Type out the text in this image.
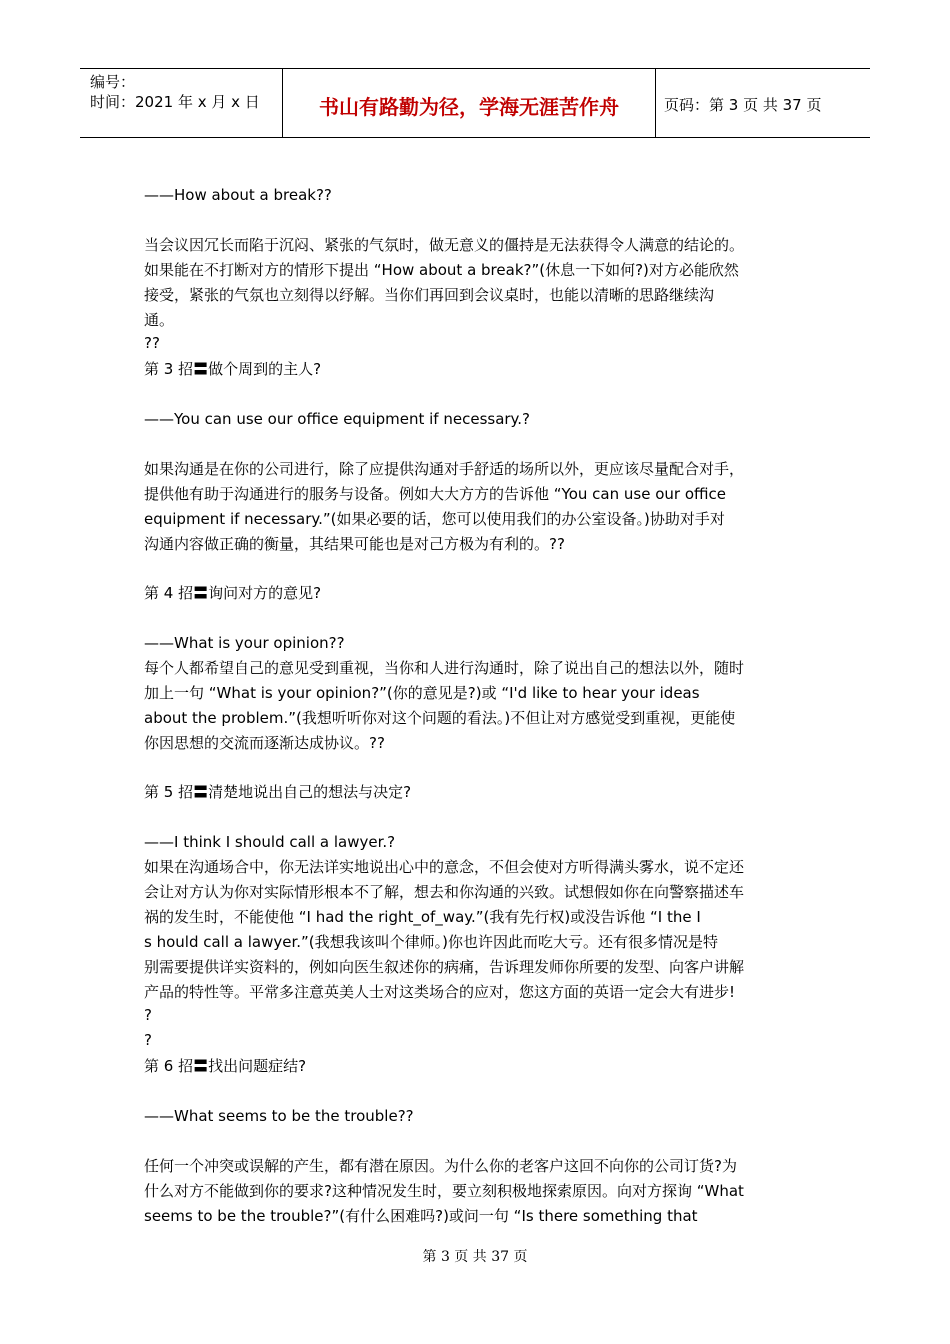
编号：
时间：2021 年 x 月 x 日	书山有路勤为径，学海无涯苦作舟	页码：第 3 页 共 37 页
——How about a break??
当会议因冗长而陷于沉闷、紧张的气氛时，做无意义的僵持是无法获得令人满意的结论的。
如果能在不打断对方的情形下提出 “How about a break?”(休息一下如何?)对方必能欣然
接受，紧张的气氛也立刻得以纾解。当你们再回到会议桌时，也能以清晰的思路继续沟
通。
??
第 3 招〓做个周到的主人?
——You can use our office equipment if necessary.?
如果沟通是在你的公司进行，除了应提供沟通对手舒适的场所以外，更应该尽量配合对手，
提供他有助于沟通进行的服务与设备。例如大大方方的告诉他 “You can use our office
equipment if necessary.”(如果必要的话，您可以使用我们的办公室设备。)协助对手对
沟通内容做正确的衡量，其结果可能也是对己方极为有利的。??
第 4 招〓询问对方的意见?
——What is your opinion??
每个人都希望自己的意见受到重视，当你和人进行沟通时，除了说出自己的想法以外，随时
加上一句 “What is your opinion?”(你的意见是?)或 “I'd like to hear your ideas
about the problem.”(我想听听你对这个问题的看法。)不但让对方感觉受到重视，更能使
你因思想的交流而逐渐达成协议。??
第 5 招〓清楚地说出自己的想法与决定?
——I think I should call a lawyer.?
如果在沟通场合中，你无法详实地说出心中的意念，不但会使对方听得满头雾水，说不定还
会让对方认为你对实际情形根本不了解，想去和你沟通的兴致。试想假如你在向警察描述车
祸的发生时，不能使他 “I had the right_of_way.”(我有先行权)或没告诉他 “I the I
s hould call a lawyer.”(我想我该叫个律师。)你也许因此而吃大亏。还有很多情况是特
别需要提供详实资料的，例如向医生叙述你的病痛，告诉理发师你所要的发型、向客户讲解
产品的特性等。平常多注意英美人士对这类场合的应对，您这方面的英语一定会大有进步!
?
?
第 6 招〓找出问题症结?
——What seems to be the trouble??
任何一个冲突或误解的产生，都有潜在原因。为什么你的老客户这回不向你的公司订货?为
什么对方不能做到你的要求?这种情况发生时，要立刻积极地探索原因。向对方探询 “What
seems to be the trouble?”(有什么困难吗?)或问一句 “Is there something that
第 3 页 共 37 页
